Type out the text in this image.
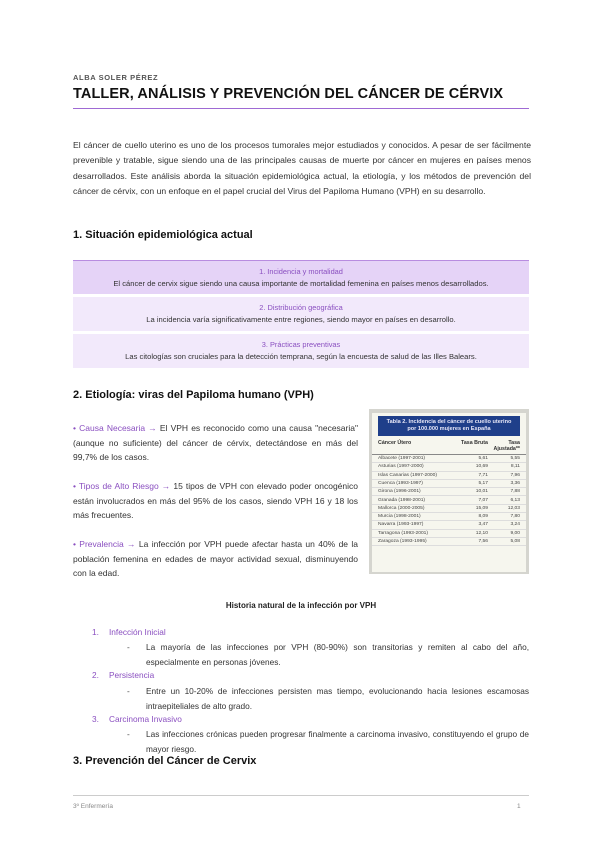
ALBA SOLER PÉREZ
TALLER, ANÁLISIS Y PREVENCIÓN DEL CÁNCER DE CÉRVIX
El cáncer de cuello uterino es uno de los procesos tumorales mejor estudiados y conocidos. A pesar de ser fácilmente prevenible y tratable, sigue siendo una de las principales causas de muerte por cáncer en mujeres en países menos desarrollados. Este análisis aborda la situación epidemiológica actual, la etiología, y los métodos de prevención del cáncer de cérvix, con un enfoque en el papel crucial del Virus del Papiloma Humano (VPH) en su desarrollo.
1. Situación epidemiológica actual
1. Incidencia y mortalidad
El cáncer de cervix sigue siendo una causa importante de mortalidad femenina en países menos desarrollados.
2. Distribución geográfica
La incidencia varía significativamente entre regiones, siendo mayor en países en desarrollo.
3. Prácticas preventivas
Las citologías son cruciales para la detección temprana, según la encuesta de salud de las Illes Balears.
2. Etiología: viras del Papiloma humano (VPH)
• Causa Necesaria → El VPH es reconocido como una causa "necesaria" (aunque no suficiente) del cáncer de cérvix, detectándose en más del 99,7% de los casos.
• Tipos de Alto Riesgo → 15 tipos de VPH con elevado poder oncogénico están involucrados en más del 95% de los casos, siendo VPH 16 y 18 los más frecuentes.
• Prevalencia → La infección por VPH puede afectar hasta un 40% de la población femenina en edades de mayor actividad sexual, disminuyendo con la edad.
Tabla 2. Incidencia del cáncer de cuello uterino por 100.000 mujeres en España
Cáncer Útero	Tasa Bruta	Tasa Ajustada**
Albacete (1997-2001)	5,61	5,55
Asturias (1997-2000)	10,69	8,11
Islas Canarias (1997-2000)	7,71	7,96
Cuenca (1993-1997)	5,17	3,36
Girona (1996-2001)	10,01	7,88
Granada (1998-2001)	7,07	6,13
Mallorca (2000-2005)	15,09	12,03
Murcia (1998-2001)	8,09	7,80
Navarra (1993-1997)	3,47	3,24
Tarragona (1993-2001)	12,10	9,00
Zaragoza (1993-1995)	7,56	5,08
Historia natural de la infección por VPH
1. Infección Inicial
- La mayoría de las infecciones por VPH (80-90%) son transitorias y remiten al cabo del año, especialmente en personas jóvenes.
2. Persistencia
- Entre un 10-20% de infecciones persisten mas tiempo, evolucionando hacia lesiones escamosas intraepiteliales de alto grado.
3. Carcinoma Invasivo
- Las infecciones crónicas pueden progresar finalmente a carcinoma invasivo, constituyendo el grupo de mayor riesgo.
3. Prevención del Cáncer de Cervix
3º Enfermería	1
